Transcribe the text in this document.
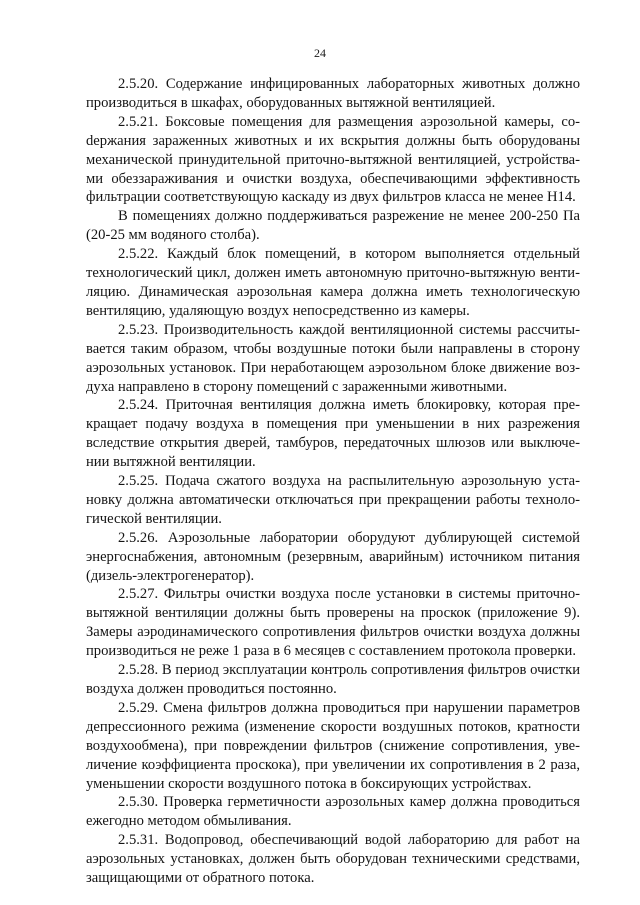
24

2.5.20. Содержание инфицированных лабораторных животных должно производиться в шкафах, оборудованных вытяжной вентиляцией.

2.5.21. Боксовые помещения для размещения аэрозольной камеры, соdержания зараженных животных и их вскрытия должны быть оборудованы механической принудительной приточно-вытяжной вентиляцией, устройствами обеззараживания и очистки воздуха, обеспечивающими эффективность фильтрации соответствующую каскаду из двух фильтров класса не менее H14.

В помещениях должно поддерживаться разрежение не менее 200-250 Па (20-25 мм водяного столба).

2.5.22. Каждый блок помещений, в котором выполняется отдельный технологический цикл, должен иметь автономную приточно-вытяжную вентиляцию. Динамическая аэрозольная камера должна иметь технологическую вентиляцию, удаляющую воздух непосредственно из камеры.

2.5.23. Производительность каждой вентиляционной системы рассчитывается таким образом, чтобы воздушные потоки были направлены в сторону аэрозольных установок. При неработающем аэрозольном блоке движение воздуха направлено в сторону помещений с зараженными животными.

2.5.24. Приточная вентиляция должна иметь блокировку, которая прекращает подачу воздуха в помещения при уменьшении в них разрежения вследствие открытия дверей, тамбуров, передаточных шлюзов или выключении вытяжной вентиляции.

2.5.25. Подача сжатого воздуха на распылительную аэрозольную установку должна автоматически отключаться при прекращении работы технологической вентиляции.

2.5.26. Аэрозольные лаборатории оборудуют дублирующей системой энергоснабжения, автономным (резервным, аварийным) источником питания (дизель-электрогенератор).

2.5.27. Фильтры очистки воздуха после установки в системы приточно-вытяжной вентиляции должны быть проверены на проскок (приложение 9). Замеры аэродинамического сопротивления фильтров очистки воздуха должны производиться не реже 1 раза в 6 месяцев с составлением протокола проверки.

2.5.28. В период эксплуатации контроль сопротивления фильтров очистки воздуха должен проводиться постоянно.

2.5.29. Смена фильтров должна проводиться при нарушении параметров депрессионного режима (изменение скорости воздушных потоков, кратности воздухообмена), при повреждении фильтров (снижение сопротивления, увеличение коэффициента проскока), при увеличении их сопротивления в 2 раза, уменьшении скорости воздушного потока в боксирующих устройствах.

2.5.30. Проверка герметичности аэрозольных камер должна проводиться ежегодно методом обмыливания.

2.5.31. Водопровод, обеспечивающий водой лабораторию для работ на аэрозольных установках, должен быть оборудован техническими средствами, защищающими от обратного потока.
